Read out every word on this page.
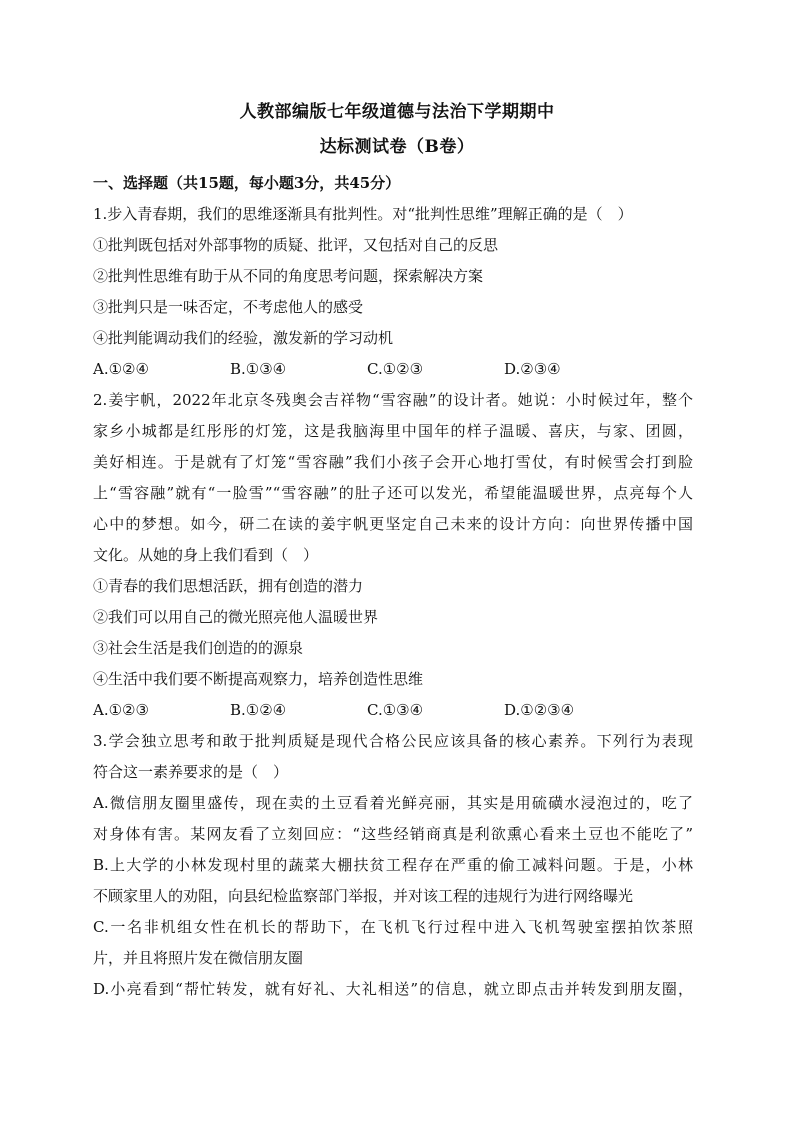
人教部编版七年级道德与法治下学期期中
达标测试卷（B卷）
一、选择题（共15题，每小题3分，共45分）
1.步入青春期，我们的思维逐渐具有批判性。对“批判性思维”理解正确的是（　）
①批判既包括对外部事物的质疑、批评，又包括对自己的反思
②批判性思维有助于从不同的角度思考问题，探索解决方案
③批判只是一味否定，不考虑他人的感受
④批判能调动我们的经验，激发新的学习动机
A.①②④	B.①③④	C.①②③	D.②③④
2.姜宇帆，2022年北京冬残奥会吉祥物“雪容融”的设计者。她说：小时候过年，整个
家乡小城都是红彤彤的灯笼，这是我脑海里中国年的样子温暖、喜庆，与家、团圆，
美好相连。于是就有了灯笼“雪容融”我们小孩子会开心地打雪仗，有时候雪会打到脸
上“雪容融”就有“一脸雪”“雪容融”的肚子还可以发光，希望能温暖世界，点亮每个人
心中的梦想。如今，研二在读的姜宇帆更坚定自己未来的设计方向：向世界传播中国
文化。从她的身上我们看到（　）
①青春的我们思想活跃，拥有创造的潜力
②我们可以用自己的微光照亮他人温暖世界
③社会生活是我们创造的的源泉
④生活中我们要不断提高观察力，培养创造性思维
A.①②③	B.①②④	C.①③④	D.①②③④
3.学会独立思考和敢于批判质疑是现代合格公民应该具备的核心素养。下列行为表现
符合这一素养要求的是（　）
A.微信朋友圈里盛传，现在卖的土豆看着光鲜亮丽，其实是用硫磺水浸泡过的，吃了
对身体有害。某网友看了立刻回应：“这些经销商真是利欲熏心看来土豆也不能吃了”
B.上大学的小林发现村里的蔬菜大棚扶贫工程存在严重的偷工减料问题。于是，小林
不顾家里人的劝阻，向县纪检监察部门举报，并对该工程的违规行为进行网络曝光
C.一名非机组女性在机长的帮助下，在飞机飞行过程中进入飞机驾驶室摆拍饮茶照
片，并且将照片发在微信朋友圈
D.小亮看到“帮忙转发，就有好礼、大礼相送”的信息，就立即点击并转发到朋友圈，
